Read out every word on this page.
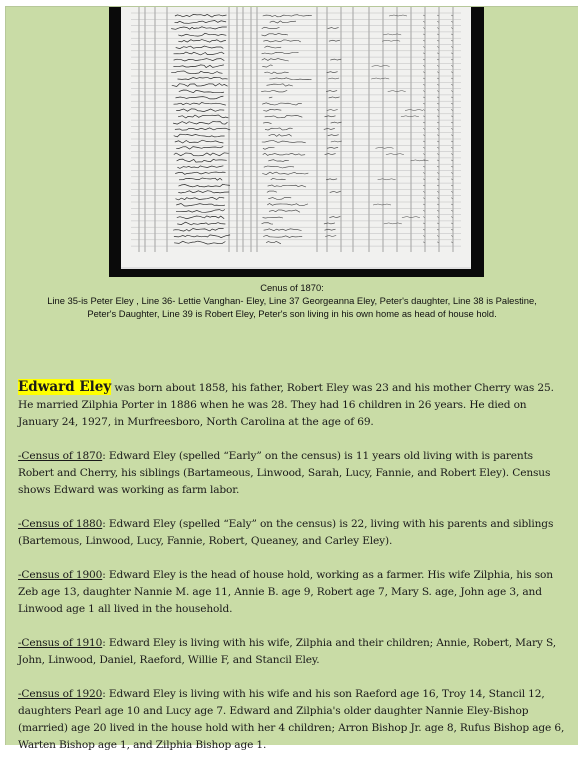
Cenus of 1870:
Line 35-is Peter Eley , Line 36- Lettie Vanghan- Eley, Line 37 Georgeanna Eley, Peter's daughter, Line 38 is Palestine,
Peter's Daughter, Line 39 is Robert Eley, Peter's son living in his own home as head of house hold.

Edward Eley was born about 1858, his father, Robert Eley was 23 and his mother Cherry was 25. He married Zilphia Porter in 1886 when he was 28. They had 16 children in 26 years. He died on January 24, 1927, in Murfreesboro, North Carolina at the age of 69.

-Census of 1870: Edward Eley (spelled “Early” on the census) is 11 years old living with is parents Robert and Cherry, his siblings (Bartameous, Linwood, Sarah, Lucy, Fannie, and Robert Eley). Census shows Edward was working as farm labor.

-Census of 1880: Edward Eley (spelled “Ealy” on the census) is 22, living with his parents and siblings (Bartemous, Linwood, Lucy, Fannie, Robert, Queaney, and Carley Eley).

-Census of 1900: Edward Eley is the head of house hold, working as a farmer. His wife Zilphia, his son Zeb age 13, daughter Nannie M. age 11, Annie B. age 9, Robert age 7, Mary S. age, John age 3, and Linwood age 1 all lived in the household.

-Census of 1910: Edward Eley is living with his wife, Zilphia and their children; Annie, Robert, Mary S, John, Linwood, Daniel, Raeford, Willie F, and Stancil Eley.

-Census of 1920: Edward Eley is living with his wife and his son Raeford age 16, Troy 14, Stancil 12, daughters Pearl age 10 and Lucy age 7. Edward and Zilphia's older daughter Nannie Eley-Bishop (married) age 20 lived in the house hold with her 4 children; Arron Bishop Jr. age 8, Rufus Bishop age 6, Warten Bishop age 1, and Zilphia Bishop age 1.
